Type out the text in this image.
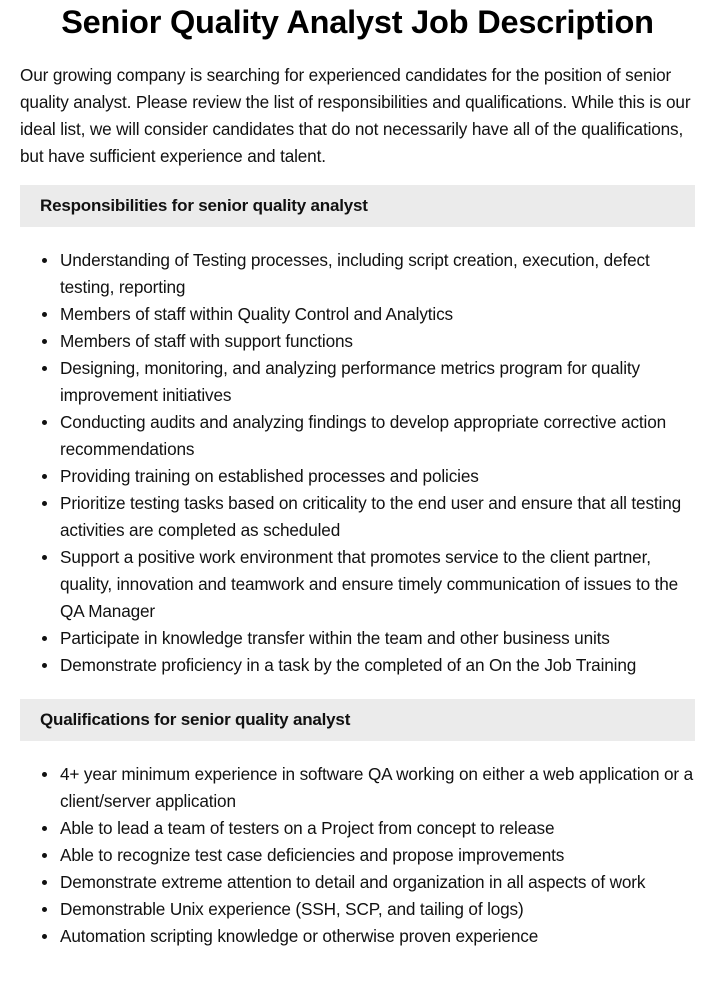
Senior Quality Analyst Job Description

Our growing company is searching for experienced candidates for the position of senior quality analyst. Please review the list of responsibilities and qualifications. While this is our ideal list, we will consider candidates that do not necessarily have all of the qualifications, but have sufficient experience and talent.

Responsibilities for senior quality analyst
Understanding of Testing processes, including script creation, execution, defect testing, reporting
Members of staff within Quality Control and Analytics
Members of staff with support functions
Designing, monitoring, and analyzing performance metrics program for quality improvement initiatives
Conducting audits and analyzing findings to develop appropriate corrective action recommendations
Providing training on established processes and policies
Prioritize testing tasks based on criticality to the end user and ensure that all testing activities are completed as scheduled
Support a positive work environment that promotes service to the client partner, quality, innovation and teamwork and ensure timely communication of issues to the QA Manager
Participate in knowledge transfer within the team and other business units
Demonstrate proficiency in a task by the completed of an On the Job Training
Qualifications for senior quality analyst
4+ year minimum experience in software QA working on either a web application or a client/server application
Able to lead a team of testers on a Project from concept to release
Able to recognize test case deficiencies and propose improvements
Demonstrate extreme attention to detail and organization in all aspects of work
Demonstrable Unix experience (SSH, SCP, and tailing of logs)
Automation scripting knowledge or otherwise proven experience
